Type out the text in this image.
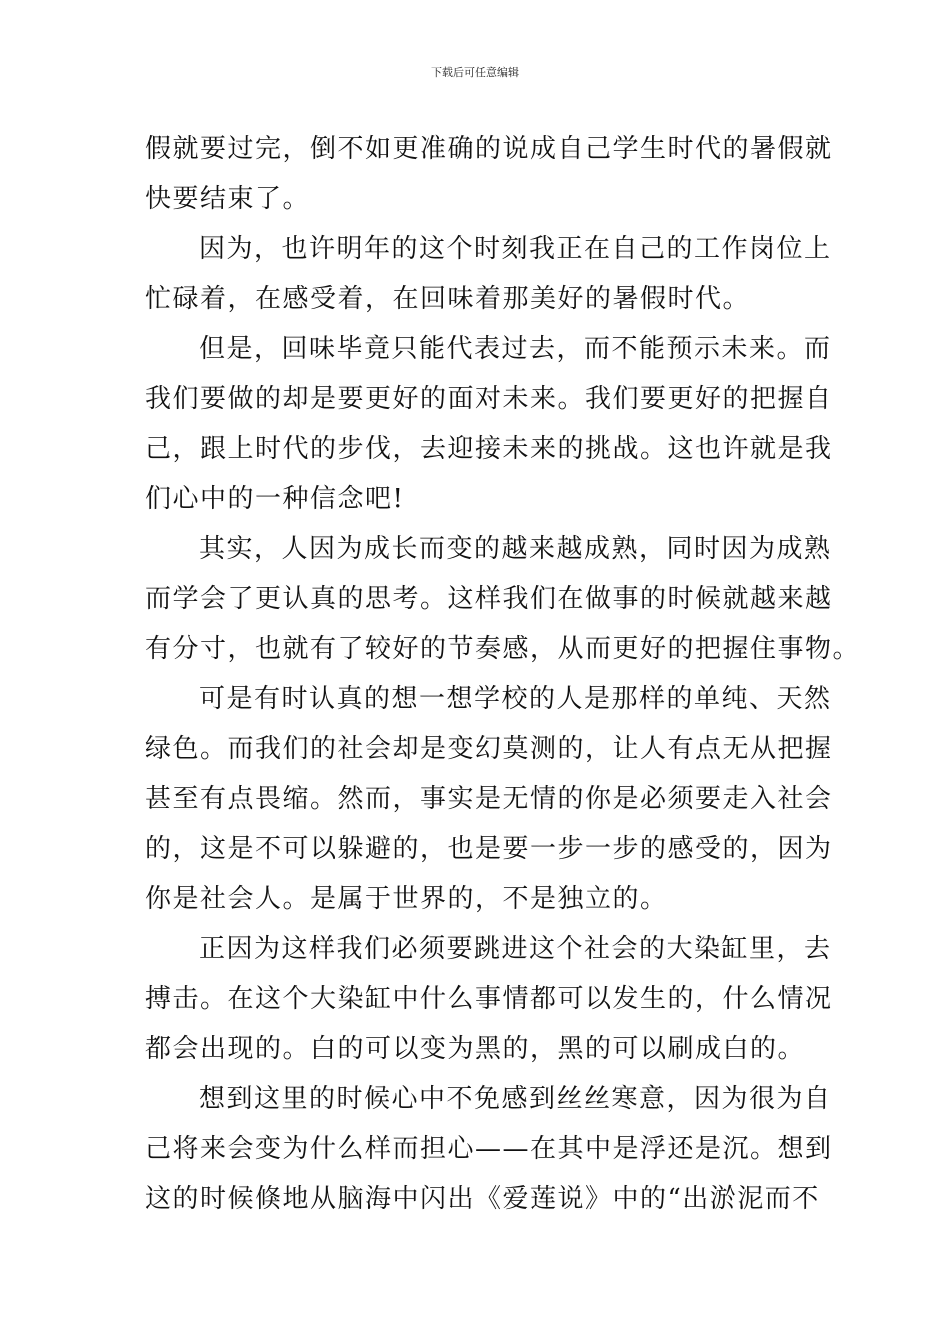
下载后可任意编辑

假就要过完，倒不如更准确的说成自己学生时代的暑假就

快要结束了。

因为，也许明年的这个时刻我正在自己的工作岗位上

忙碌着，在感受着，在回味着那美好的暑假时代。

但是，回味毕竟只能代表过去，而不能预示未来。而

我们要做的却是要更好的面对未来。我们要更好的把握自

己，跟上时代的步伐，去迎接未来的挑战。这也许就是我

们心中的一种信念吧!

其实，人因为成长而变的越来越成熟，同时因为成熟

而学会了更认真的思考。这样我们在做事的时候就越来越

有分寸，也就有了较好的节奏感，从而更好的把握住事物。

可是有时认真的想一想学校的人是那样的单纯、天然

绿色。而我们的社会却是变幻莫测的，让人有点无从把握

甚至有点畏缩。然而，事实是无情的你是必须要走入社会

的，这是不可以躲避的，也是要一步一步的感受的，因为

你是社会人。是属于世界的，不是独立的。

正因为这样我们必须要跳进这个社会的大染缸里，去

搏击。在这个大染缸中什么事情都可以发生的，什么情况

都会出现的。白的可以变为黑的，黑的可以刷成白的。

想到这里的时候心中不免感到丝丝寒意，因为很为自

己将来会变为什么样而担心——在其中是浮还是沉。想到

这的时候倏地从脑海中闪出《爱莲说》中的“出淤泥而不
